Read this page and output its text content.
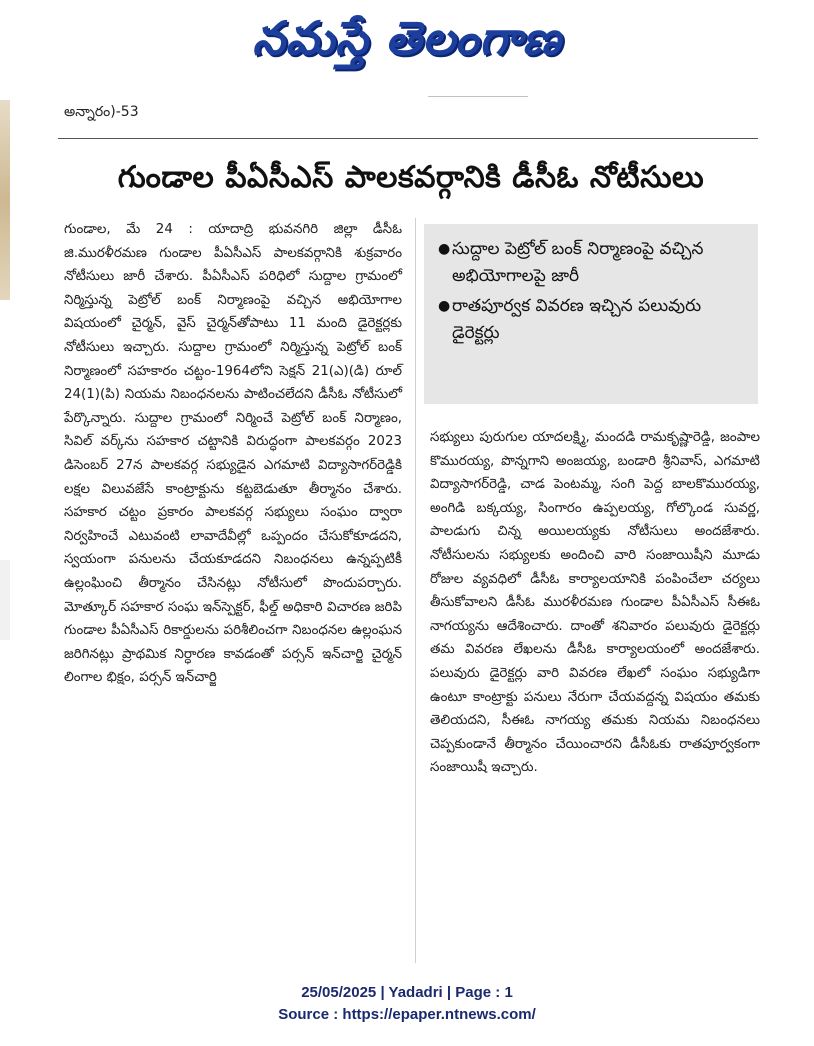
నమస్తే తెలంగాణ
అన్నారం)-53
గుండాల పీఏసీఎస్ పాలకవర్గానికి డీసీఓ నోటీసులు

గుండాల, మే 24 : యాదాద్రి భువనగిరి జిల్లా డీసీఓ జి.మురళీరమణ గుండాల పీఏసీఎస్ పాలకవర్గానికి శుక్రవారం నోటీసులు జారీ చేశారు. పీఏసీఎస్ పరిధిలో సుద్దాల గ్రామంలో నిర్మిస్తున్న పెట్రోల్ బంక్ నిర్మాణంపై వచ్చిన అభియోగాల విషయంలో చైర్మన్, వైస్ చైర్మన్‌తోపాటు 11 మంది డైరెక్టర్లకు నోటీసులు ఇచ్చారు. సుద్దాల గ్రామంలో నిర్మిస్తున్న పెట్రోల్ బంక్ నిర్మాణంలో సహకారం చట్టం-1964లోని సెక్షన్ 21(ఎ)(డి) రూల్ 24(1)(పి) నియమ నిబంధనలను పాటించలేదని డీసీఓ నోటీసులో పేర్కొన్నారు. సుద్దాల గ్రామంలో నిర్మించే పెట్రోల్ బంక్ నిర్మాణం, సివిల్ వర్క్‌ను సహకార చట్టానికి విరుద్ధంగా పాలకవర్గం 2023 డిసెంబర్ 27న పాలకవర్గ సభ్యుడైన ఎగమాటి విద్యాసాగర్‌రెడ్డికి లక్షల విలువజేసే కాంట్రాక్టును కట్టబెడుతూ తీర్మానం చేశారు. సహకార చట్టం ప్రకారం పాలకవర్గ సభ్యులు సంఘం ద్వారా నిర్వహించే ఎటువంటి లావాదేవీల్లో ఒప్పందం చేసుకోకూడదని, స్వయంగా పనులను చేయకూడదని నిబంధనలు ఉన్నప్పటికీ ఉల్లంఘించి తీర్మానం చేసినట్లు నోటీసులో పొందుపర్చారు. మోత్కూర్ సహకార సంఘ ఇన్‌స్పెక్టర్, ఫీల్డ్ అధికారి విచారణ జరిపి గుండాల పీఏసీఎస్ రికార్డులను పరిశీలించగా నిబంధనల ఉల్లంఘన జరిగినట్లు ప్రాథమిక నిర్ధారణ కావడంతో పర్సన్ ఇన్‌చార్జి చైర్మన్ లింగాల భిక్షం, పర్సన్ ఇన్‌చార్జి

● సుద్దాల పెట్రోల్ బంక్ నిర్మాణంపై వచ్చిన అభియోగాలపై జారీ
● రాతపూర్వక వివరణ ఇచ్చిన పలువురు డైరెక్టర్లు

సభ్యులు పురుగుల యాదలక్ష్మి, మందడి రామకృష్ణారెడ్డి, జంపాల కొమురయ్య, పొన్నగాని అంజయ్య, బండారి శ్రీనివాస్, ఎగమాటి విద్యాసాగర్‌రెడ్డి, చాడ పెంటమ్మ, సంగి పెద్ద బాలకొమురయ్య, అంగిడి బక్కయ్య, సింగారం ఉప్పలయ్య, గోల్కొండ సువర్ణ, పాలడుగు చిన్న అయిలయ్యకు నోటీసులు అందజేశారు. నోటీసులను సభ్యులకు అందించి వారి సంజాయిషీని మూడు రోజుల వ్యవధిలో డీసీఓ కార్యాలయానికి పంపించేలా చర్యలు తీసుకోవాలని డీసీఓ మురళీరమణ గుండాల పీఏసీఎస్ సీఈఓ నాగయ్యను ఆదేశించారు. దాంతో శనివారం పలువురు డైరెక్టర్లు తమ వివరణ లేఖలను డీసీఓ కార్యాలయంలో అందజేశారు. పలువురు డైరెక్టర్లు వారి వివరణ లేఖలో సంఘం సభ్యుడిగా ఉంటూ కాంట్రాక్టు పనులు నేరుగా చేయవద్దన్న విషయం తమకు తెలియదని, సీఈఓ నాగయ్య తమకు నియమ నిబంధనలు చెప్పకుండానే తీర్మానం చేయించారని డీసీఓకు రాతపూర్వకంగా సంజాయిషీ ఇచ్చారు.

25/05/2025 | Yadadri | Page : 1
Source : https://epaper.ntnews.com/
